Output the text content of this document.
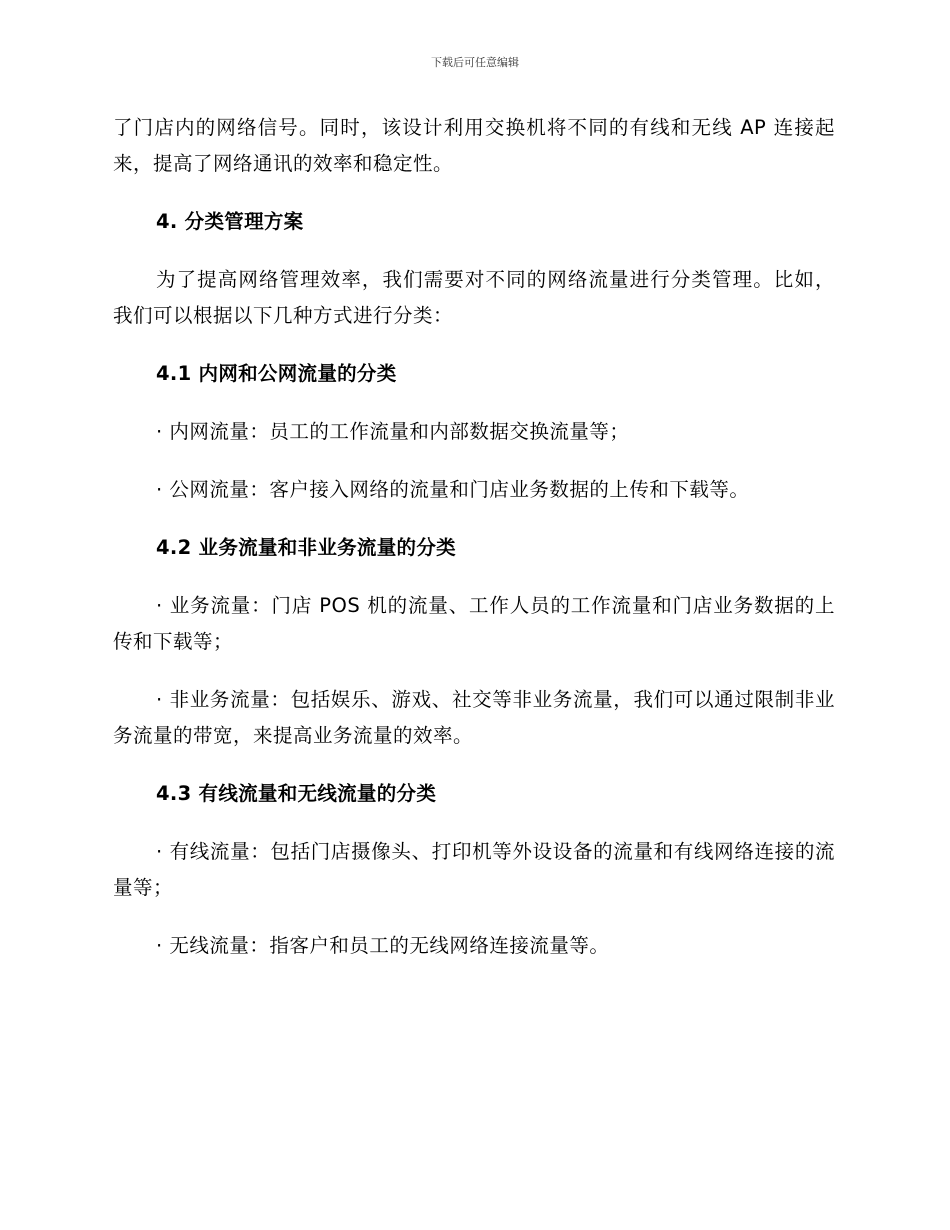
下载后可任意编辑

了门店内的网络信号。同时，该设计利用交换机将不同的有线和无线 AP 连接起来，提高了网络通讯的效率和稳定性。

4. 分类管理方案

为了提高网络管理效率，我们需要对不同的网络流量进行分类管理。比如，我们可以根据以下几种方式进行分类：

4.1 内网和公网流量的分类

· 内网流量：员工的工作流量和内部数据交换流量等；

· 公网流量：客户接入网络的流量和门店业务数据的上传和下载等。

4.2 业务流量和非业务流量的分类

· 业务流量：门店 POS 机的流量、工作人员的工作流量和门店业务数据的上传和下载等；

· 非业务流量：包括娱乐、游戏、社交等非业务流量，我们可以通过限制非业务流量的带宽，来提高业务流量的效率。

4.3 有线流量和无线流量的分类

· 有线流量：包括门店摄像头、打印机等外设设备的流量和有线网络连接的流量等；

· 无线流量：指客户和员工的无线网络连接流量等。
